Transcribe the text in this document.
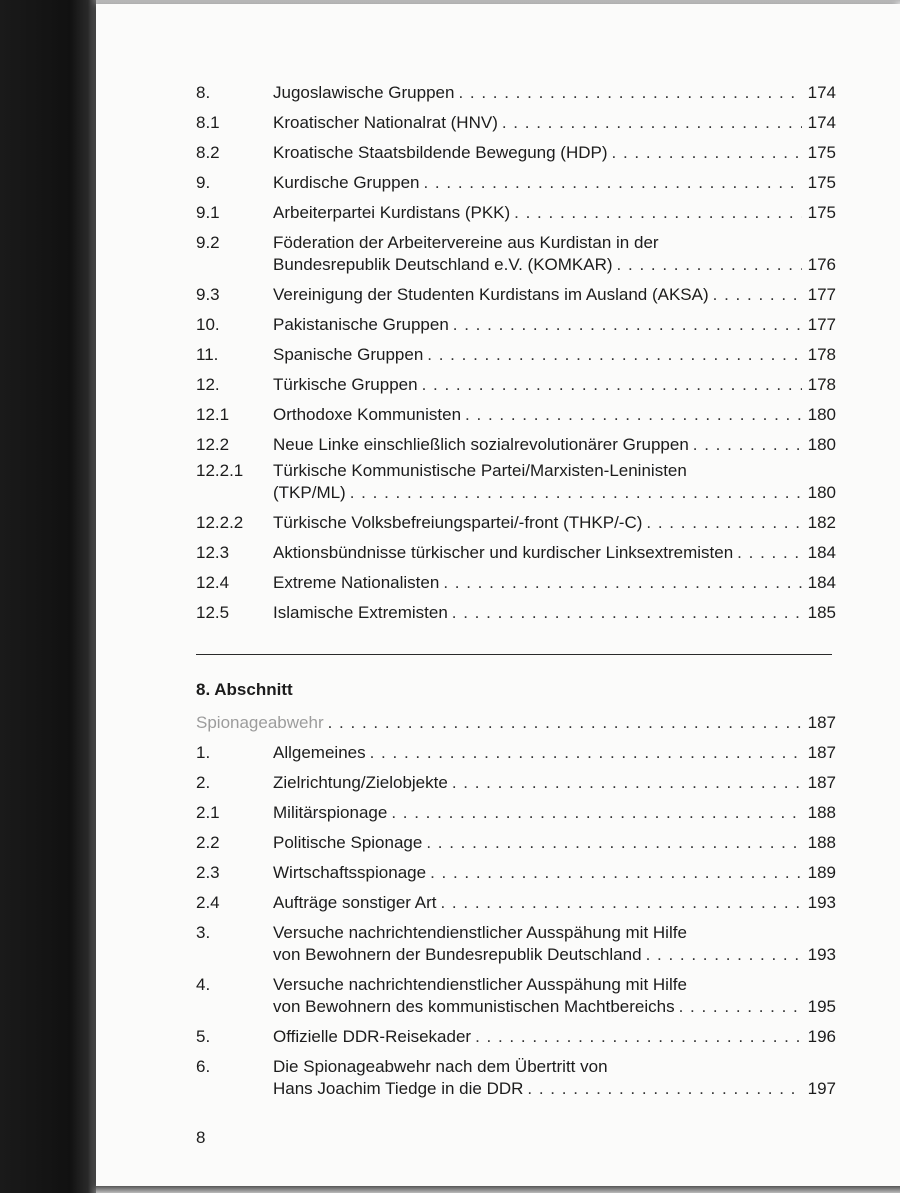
8.	Jugoslawische Gruppen . . .	174
8.1	Kroatischer Nationalrat (HNV) . . .	174
8.2	Kroatische Staatsbildende Bewegung (HDP) . . .	175
9.	Kurdische Gruppen . . .	175
9.1	Arbeiterpartei Kurdistans (PKK) . . .	175
9.2	Föderation der Arbeitervereine aus Kurdistan in der
Bundesrepublik Deutschland e.V. (KOMKAR) . . .	176
9.3	Vereinigung der Studenten Kurdistans im Ausland (AKSA) . . .	177
10.	Pakistanische Gruppen . . .	177
11.	Spanische Gruppen . . .	178
12.	Türkische Gruppen . . .	178
12.1	Orthodoxe Kommunisten . . .	180
12.2	Neue Linke einschließlich sozialrevolutionärer Gruppen . . .	180
12.2.1	Türkische Kommunistische Partei/Marxisten-Leninisten
(TKP/ML) . . .	180
12.2.2	Türkische Volksbefreiungspartei/-front (THKP/-C) . . .	182
12.3	Aktionsbündnisse türkischer und kurdischer Linksextremisten . . .	184
12.4	Extreme Nationalisten . . .	184
12.5	Islamische Extremisten . . .	185
8. Abschnitt
Spionageabwehr . . .	187
1.	Allgemeines . . .	187
2.	Zielrichtung/Zielobjekte . . .	187
2.1	Militärspionage . . .	188
2.2	Politische Spionage . . .	188
2.3	Wirtschaftsspionage . . .	189
2.4	Aufträge sonstiger Art . . .	193
3.	Versuche nachrichtendienstlicher Ausspähung mit Hilfe
von Bewohnern der Bundesrepublik Deutschland . . .	193
4.	Versuche nachrichtendienstlicher Ausspähung mit Hilfe
von Bewohnern des kommunistischen Machtbereichs . . .	195
5.	Offizielle DDR-Reisekader . . .	196
6.	Die Spionageabwehr nach dem Übertritt von
Hans Joachim Tiedge in die DDR . . .	197
8
